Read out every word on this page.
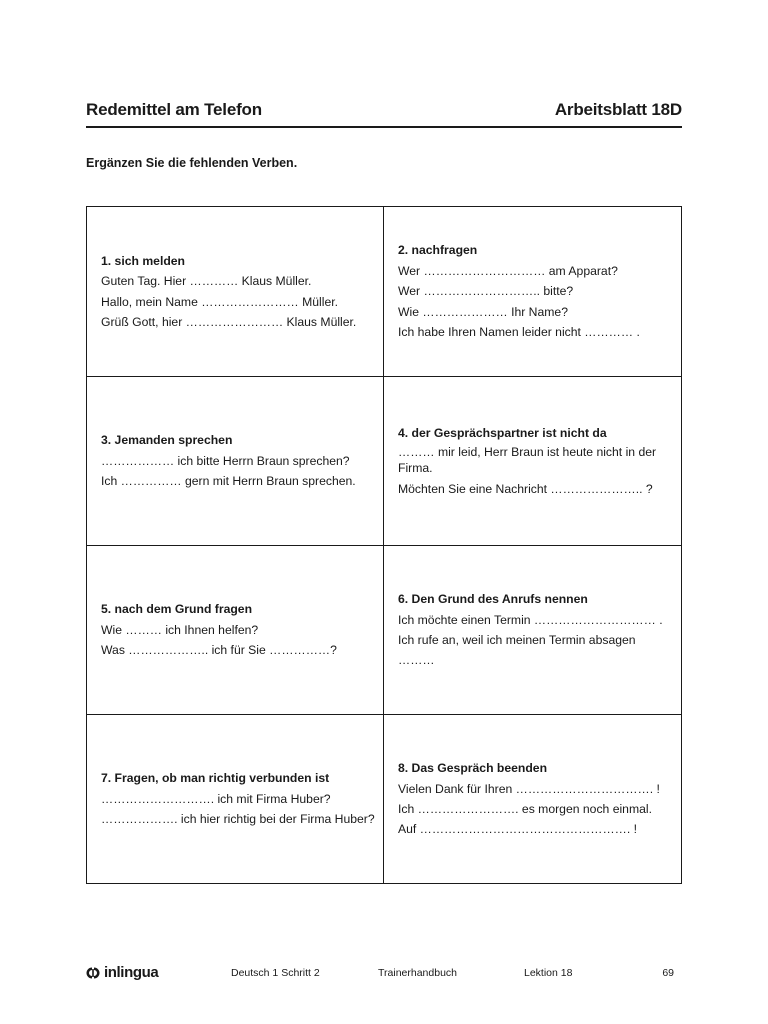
Redemittel am Telefon	Arbeitsblatt 18D
Ergänzen Sie die fehlenden Verben.
1. sich melden
Guten Tag. Hier ………… Klaus Müller.
Hallo, mein Name …………………… Müller.
Grüß Gott, hier …………………… Klaus Müller.
2. nachfragen
Wer ………………………… am Apparat?
Wer ……………………….. bitte?
Wie ………………… Ihr Name?
Ich habe Ihren Namen leider nicht ………… .
3. Jemanden sprechen
……………… ich bitte Herrn Braun sprechen?
Ich …………… gern mit Herrn Braun sprechen.
4. der Gesprächspartner ist nicht da
……… mir leid, Herr Braun ist heute nicht in der Firma.
Möchten Sie eine Nachricht ………………….. ?
5. nach dem Grund fragen
Wie ……… ich Ihnen helfen?
Was ……………….. ich für Sie ……………?
6. Den Grund des Anrufs nennen
Ich möchte einen Termin ………………………… .
Ich rufe an, weil ich meinen Termin absagen ………
7. Fragen, ob man richtig verbunden ist
………………………. ich mit Firma Huber?
………………. ich hier richtig bei der Firma Huber?
8. Das Gespräch beenden
Vielen Dank für Ihren ……………………………. !
Ich ……………………. es morgen noch einmal.
Auf ……………………………………………. !
inlingua	Deutsch 1 Schritt 2	Trainerhandbuch	Lektion 18	69
